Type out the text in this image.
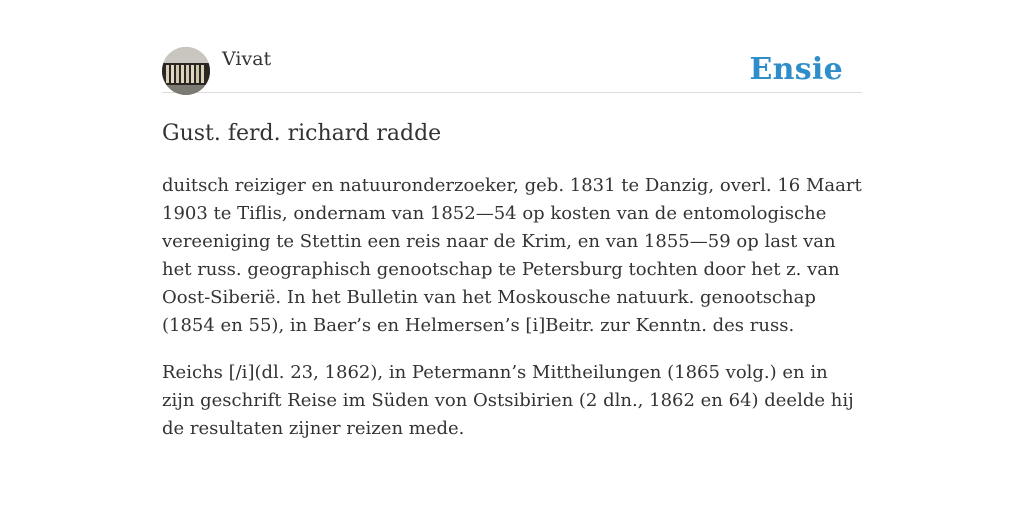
Vivat	Ensie
Gust. ferd. richard radde

duitsch reiziger en natuuronderzoeker, geb. 1831 te Danzig, overl. 16 Maart 1903 te Tiflis, ondernam van 1852—54 op kosten van de entomologische vereeniging te Stettin een reis naar de Krim, en van 1855—59 op last van het russ. geographisch genootschap te Petersburg tochten door het z. van Oost-Siberië. In het Bulletin van het Moskousche natuurk. genootschap (1854 en 55), in Baer’s en Helmersen’s [i]Beitr. zur Kenntn. des russ.

Reichs [/i](dl. 23, 1862), in Petermann’s Mittheilungen (1865 volg.) en in zijn geschrift Reise im Süden von Ostsibirien (2 dln., 1862 en 64) deelde hij de resultaten zijner reizen mede.
